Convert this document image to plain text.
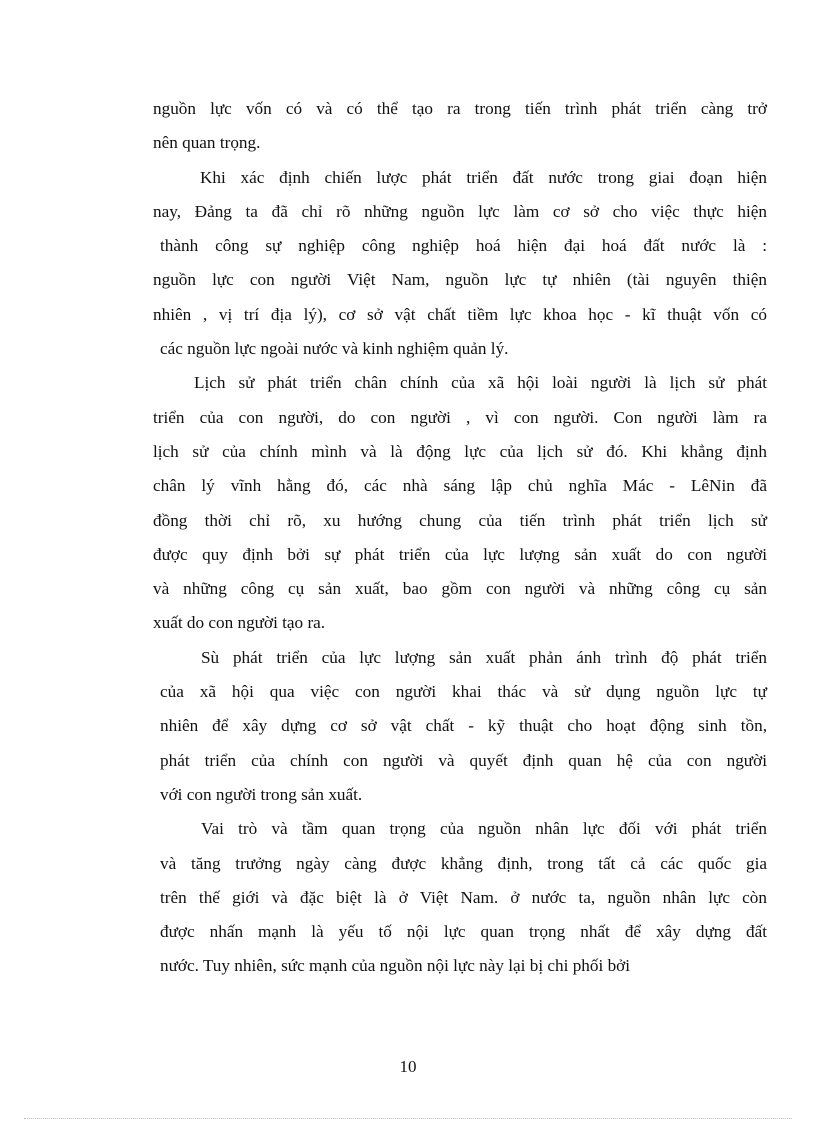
nguồn lực vốn có và có thể tạo ra trong tiến trình phát triển càng trở
nên quan trọng.
Khi xác định chiến lược phát triển đất nước trong giai đoạn hiện
nay, Đảng ta đã chỉ rõ những nguồn lực làm cơ sở cho việc thực hiện
thành công sự nghiệp công nghiệp hoá hiện đại hoá đất nước là :
nguồn lực con người Việt Nam, nguồn lực tự nhiên (tài nguyên thiện
nhiên , vị trí địa lý), cơ sở vật chất tiềm lực khoa học - kĩ thuật vốn có
các nguồn lực ngoài nước và kinh nghiệm quản lý.
Lịch sử phát triển chân chính của xã hội loài người là lịch sử phát
triển của con người, do con người , vì con người. Con người làm ra
lịch sử của chính mình và là động lực của lịch sử đó. Khi khẳng định
chân lý vĩnh hằng đó, các nhà sáng lập chủ nghĩa Mác - LêNin đã
đồng thời chỉ rõ, xu hướng chung của tiến trình phát triển lịch sử
được quy định bởi sự phát triển của lực lượng sản xuất do con người
và những công cụ sản xuất, bao gồm con người và những công cụ sản
xuất do con người tạo ra.
Sù phát triển của lực lượng sản xuất phản ánh trình độ phát triển
của xã hội qua việc con người khai thác và sử dụng nguồn lực tự
nhiên để xây dựng cơ sở vật chất - kỹ thuật cho hoạt động sinh tồn,
phát triển của chính con người và quyết định quan hệ của con người
với con người trong sản xuất.
Vai trò và tầm quan trọng của nguồn nhân lực đối với phát triển
và tăng trưởng ngày càng được khẳng định, trong tất cả các quốc gia
trên thế giới và đặc biệt là ở Việt Nam. ở nước ta, nguồn nhân lực còn
được nhấn mạnh là yếu tố nội lực quan trọng nhất để xây dựng đất
nước. Tuy nhiên, sức mạnh của nguồn nội lực này lại bị chi phối bởi
10
